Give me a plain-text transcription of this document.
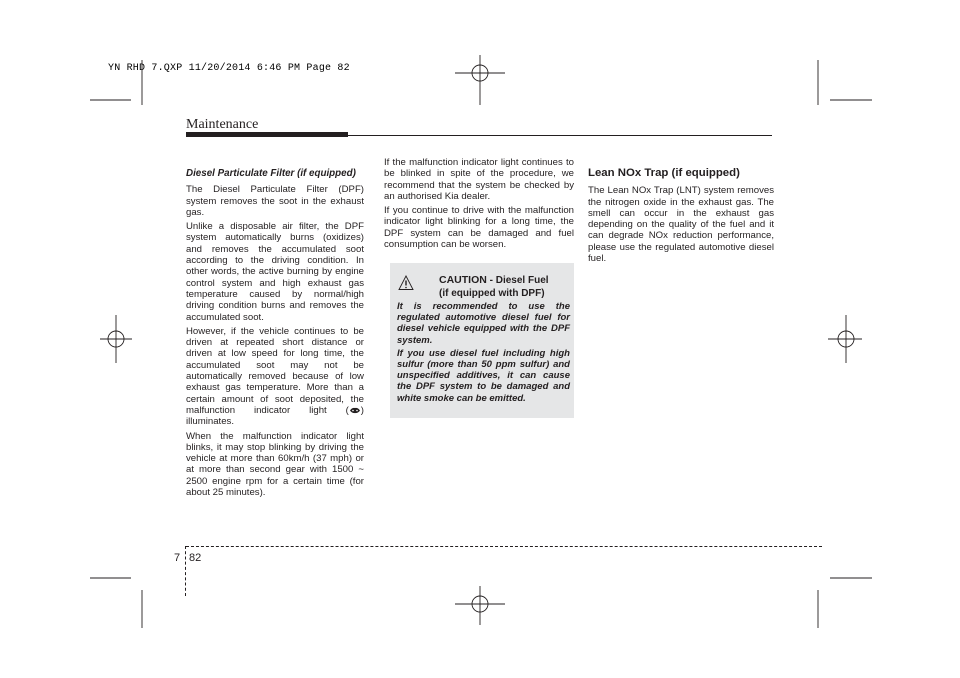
YN RHD 7.QXP 11/20/2014 6:46 PM Page 82
Maintenance

Diesel Particulate Filter (if equipped)

The Diesel Particulate Filter (DPF) system removes the soot in the exhaust gas.

Unlike a disposable air filter, the DPF system automatically burns (oxidizes) and removes the accumulated soot according to the driving condition. In other words, the active burning by engine control system and high exhaust gas temperature caused by normal/high driving condition burns and removes the accumulated soot.

However, if the vehicle continues to be driven at repeated short distance or driven at low speed for long time, the accumulated soot may not be automatically removed because of low exhaust gas temperature. More than a certain amount of soot deposited, the malfunction indicator light ( ) illuminates.

When the malfunction indicator light blinks, it may stop blinking by driving the vehicle at more than 60km/h (37 mph) or at more than second gear with 1500 ~ 2500 engine rpm for a certain time (for about 25 minutes).

If the malfunction indicator light continues to be blinked in spite of the procedure, we recommend that the system be checked by an authorised Kia dealer.

If you continue to drive with the malfunction indicator light blinking for a long time, the DPF system can be damaged and fuel consumption can be worsen.

CAUTION - Diesel Fuel
(if equipped with DPF)

It is recommended to use the regulated automotive diesel fuel for diesel vehicle equipped with the DPF system.

If you use diesel fuel including high sulfur (more than 50 ppm sulfur) and unspecified additives, it can cause the DPF system to be damaged and white smoke can be emitted.

Lean NOx Trap (if equipped)

The Lean NOx Trap (LNT) system removes the nitrogen oxide in the exhaust gas. The smell can occur in the exhaust gas depending on the quality of the fuel and it can degrade NOx reduction performance, please use the regulated automotive diesel fuel.

7 82
